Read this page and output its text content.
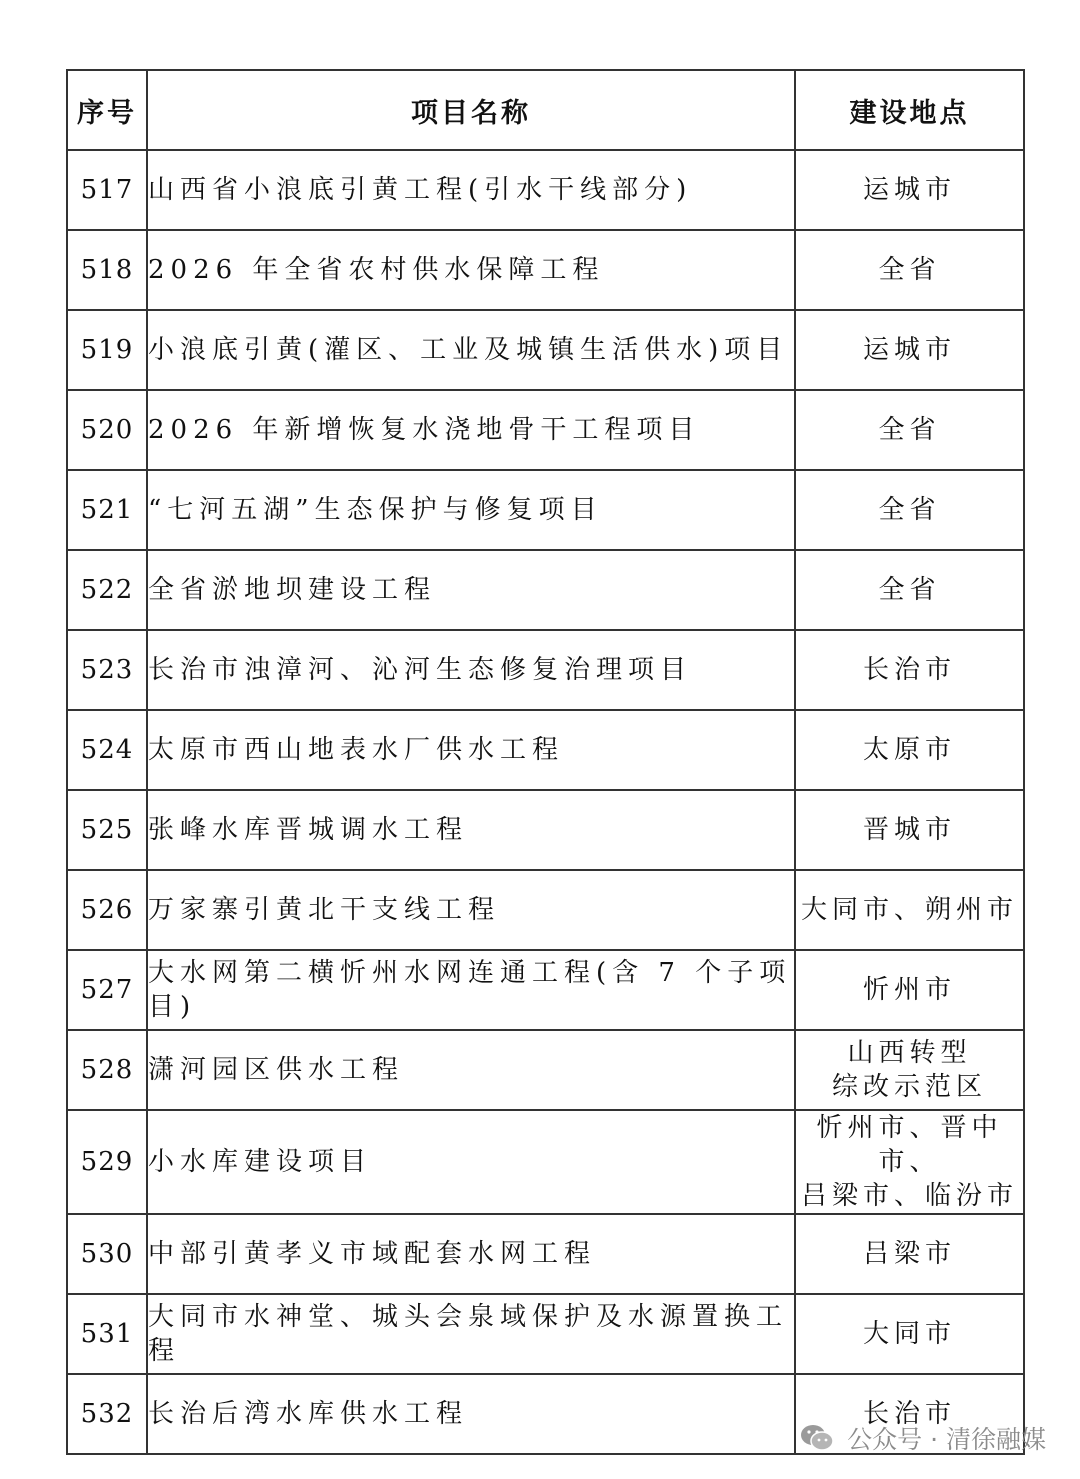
序号	项目名称	建设地点
517	山西省小浪底引黄工程(引水干线部分)	运城市

518	2026 年全省农村供水保障工程	全省

519	小浪底引黄(灌区、工业及城镇生活供水)项目	运城市

520	2026 年新增恢复水浇地骨干工程项目	全省

521	“七河五湖”生态保护与修复项目	全省

522	全省淤地坝建设工程	全省

523	长治市浊漳河、沁河生态修复治理项目	长治市

524	太原市西山地表水厂供水工程	太原市

525	张峰水库晋城调水工程	晋城市

526	万家寨引黄北干支线工程	大同市、朔州市

527	大水网第二横忻州水网连通工程(含 7 个子项目)	忻州市

528	潇河园区供水工程	山西转型
综改示范区

529	小水库建设项目	忻州市、晋中市、
吕梁市、临汾市

530	中部引黄孝义市域配套水网工程	吕梁市

531	大同市水神堂、城头会泉域保护及水源置换工程	大同市

532	长治后湾水库供水工程	长治市
公众号 · 清徐融媒
